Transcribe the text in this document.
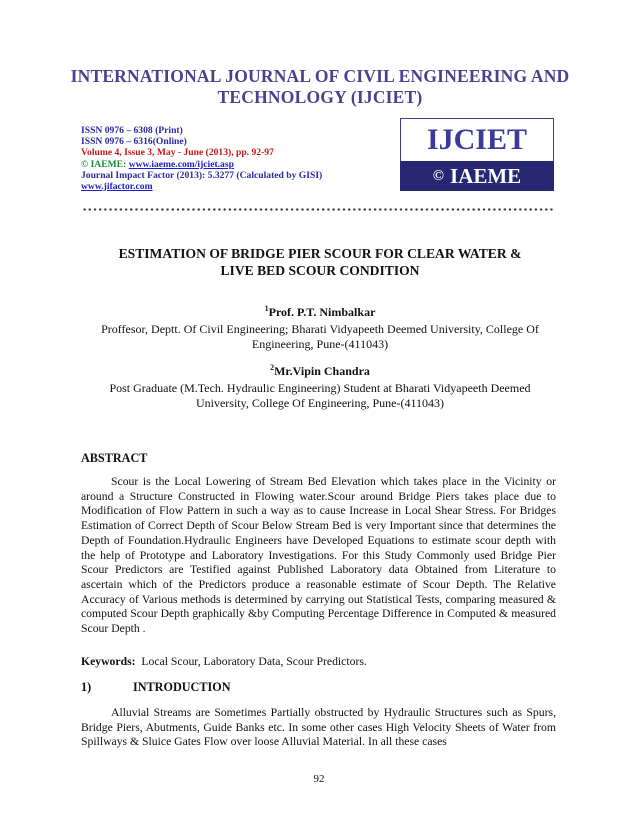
INTERNATIONAL JOURNAL OF CIVIL ENGINEERING AND
TECHNOLOGY (IJCIET)
ISSN 0976 – 6308 (Print)
ISSN 0976 – 6316(Online)
Volume 4, Issue 3, May - June (2013), pp. 92-97
© IAEME: www.iaeme.com/ijciet.asp
Journal Impact Factor (2013): 5.3277 (Calculated by GISI)
www.jifactor.com
IJCIET
© IAEME
ESTIMATION OF BRIDGE PIER SCOUR FOR CLEAR WATER &
LIVE BED SCOUR CONDITION
$^1$Prof. P.T. Nimbalkar
Proffesor, Deptt. Of Civil Engineering; Bharati Vidyapeeth Deemed University, College Of
Engineering, Pune-(411043)
$^2$Mr.Vipin Chandra
Post Graduate (M.Tech. Hydraulic Engineering) Student at Bharati Vidyapeeth Deemed
University, College Of Engineering, Pune-(411043)
ABSTRACT
Scour is the Local Lowering of Stream Bed Elevation which takes place in the Vicinity or around a Structure Constructed in Flowing water.Scour around Bridge Piers takes place due to Modification of Flow Pattern in such a way as to cause Increase in Local Shear Stress. For Bridges Estimation of Correct Depth of Scour Below Stream Bed is very Important since that determines the Depth of Foundation.Hydraulic Engineers have Developed Equations to estimate scour depth with the help of Prototype and Laboratory Investigations. For this Study Commonly used Bridge Pier Scour Predictors are Testified against Published Laboratory data Obtained from Literature to ascertain which of the Predictors produce a reasonable estimate of Scour Depth. The Relative Accuracy of Various methods is determined by carrying out Statistical Tests, comparing measured & computed Scour Depth graphically &by Computing Percentage Difference in Computed & measured Scour Depth .
Keywords:  Local Scour, Laboratory Data, Scour Predictors.
1)	INTRODUCTION
Alluvial Streams are Sometimes Partially obstructed by Hydraulic Structures such as Spurs, Bridge Piers, Abutments, Guide Banks etc. In some other cases High Velocity Sheets of Water from Spillways & Sluice Gates Flow over loose Alluvial Material. In all these cases
92
